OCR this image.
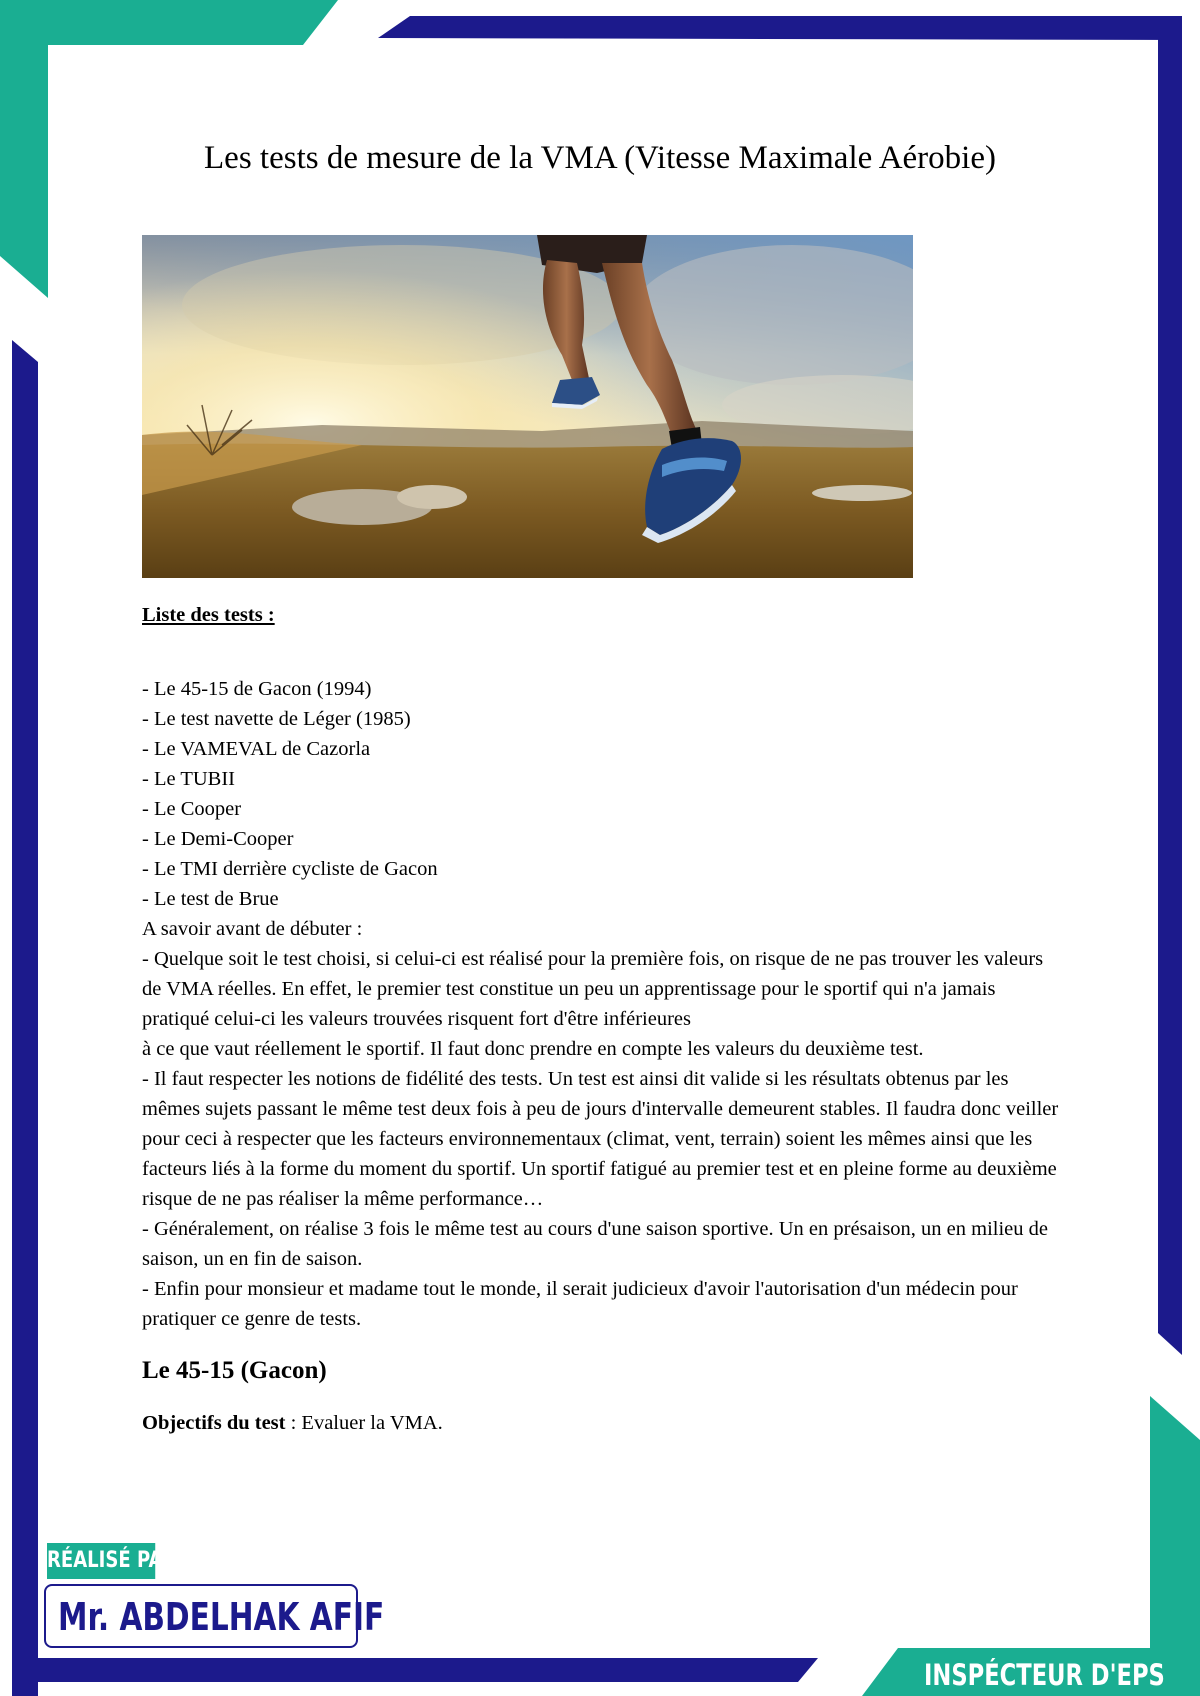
Les tests de mesure de la VMA (Vitesse Maximale Aérobie)

Liste des tests :

- Le 45-15 de Gacon (1994)

- Le test navette de Léger (1985)

- Le VAMEVAL de Cazorla

- Le TUBII

- Le Cooper

- Le Demi-Cooper

- Le TMI derrière cycliste de Gacon

- Le test de Brue

A savoir avant de débuter :

- Quelque soit le test choisi, si celui-ci est réalisé pour la première fois, on risque de ne pas trouver les valeurs de VMA réelles. En effet, le premier test constitue un peu un apprentissage pour le sportif qui n'a jamais pratiqué celui-ci les valeurs trouvées risquent fort d'être inférieures

à ce que vaut réellement le sportif. Il faut donc prendre en compte les valeurs du deuxième test.

- Il faut respecter les notions de fidélité des tests. Un test est ainsi dit valide si les résultats obtenus par les mêmes sujets passant le même test deux fois à peu de jours d'intervalle demeurent stables. Il faudra donc veiller pour ceci à respecter que les facteurs environnementaux (climat, vent, terrain) soient les mêmes ainsi que les facteurs liés à la forme du moment du sportif. Un sportif fatigué au premier test et en pleine forme au deuxième risque de ne pas réaliser la même performance…

- Généralement, on réalise 3 fois le même test au cours d'une saison sportive. Un en présaison, un en milieu de saison, un en fin de saison.

- Enfin pour monsieur et madame tout le monde, il serait judicieux d'avoir l'autorisation d'un médecin pour pratiquer ce genre de tests.

Le 45-15 (Gacon)

Objectifs du test : Evaluer la VMA.

RÉALISÉ PAR
Mr. ABDELHAK AFIF
INSPÉCTEUR D'EPS
